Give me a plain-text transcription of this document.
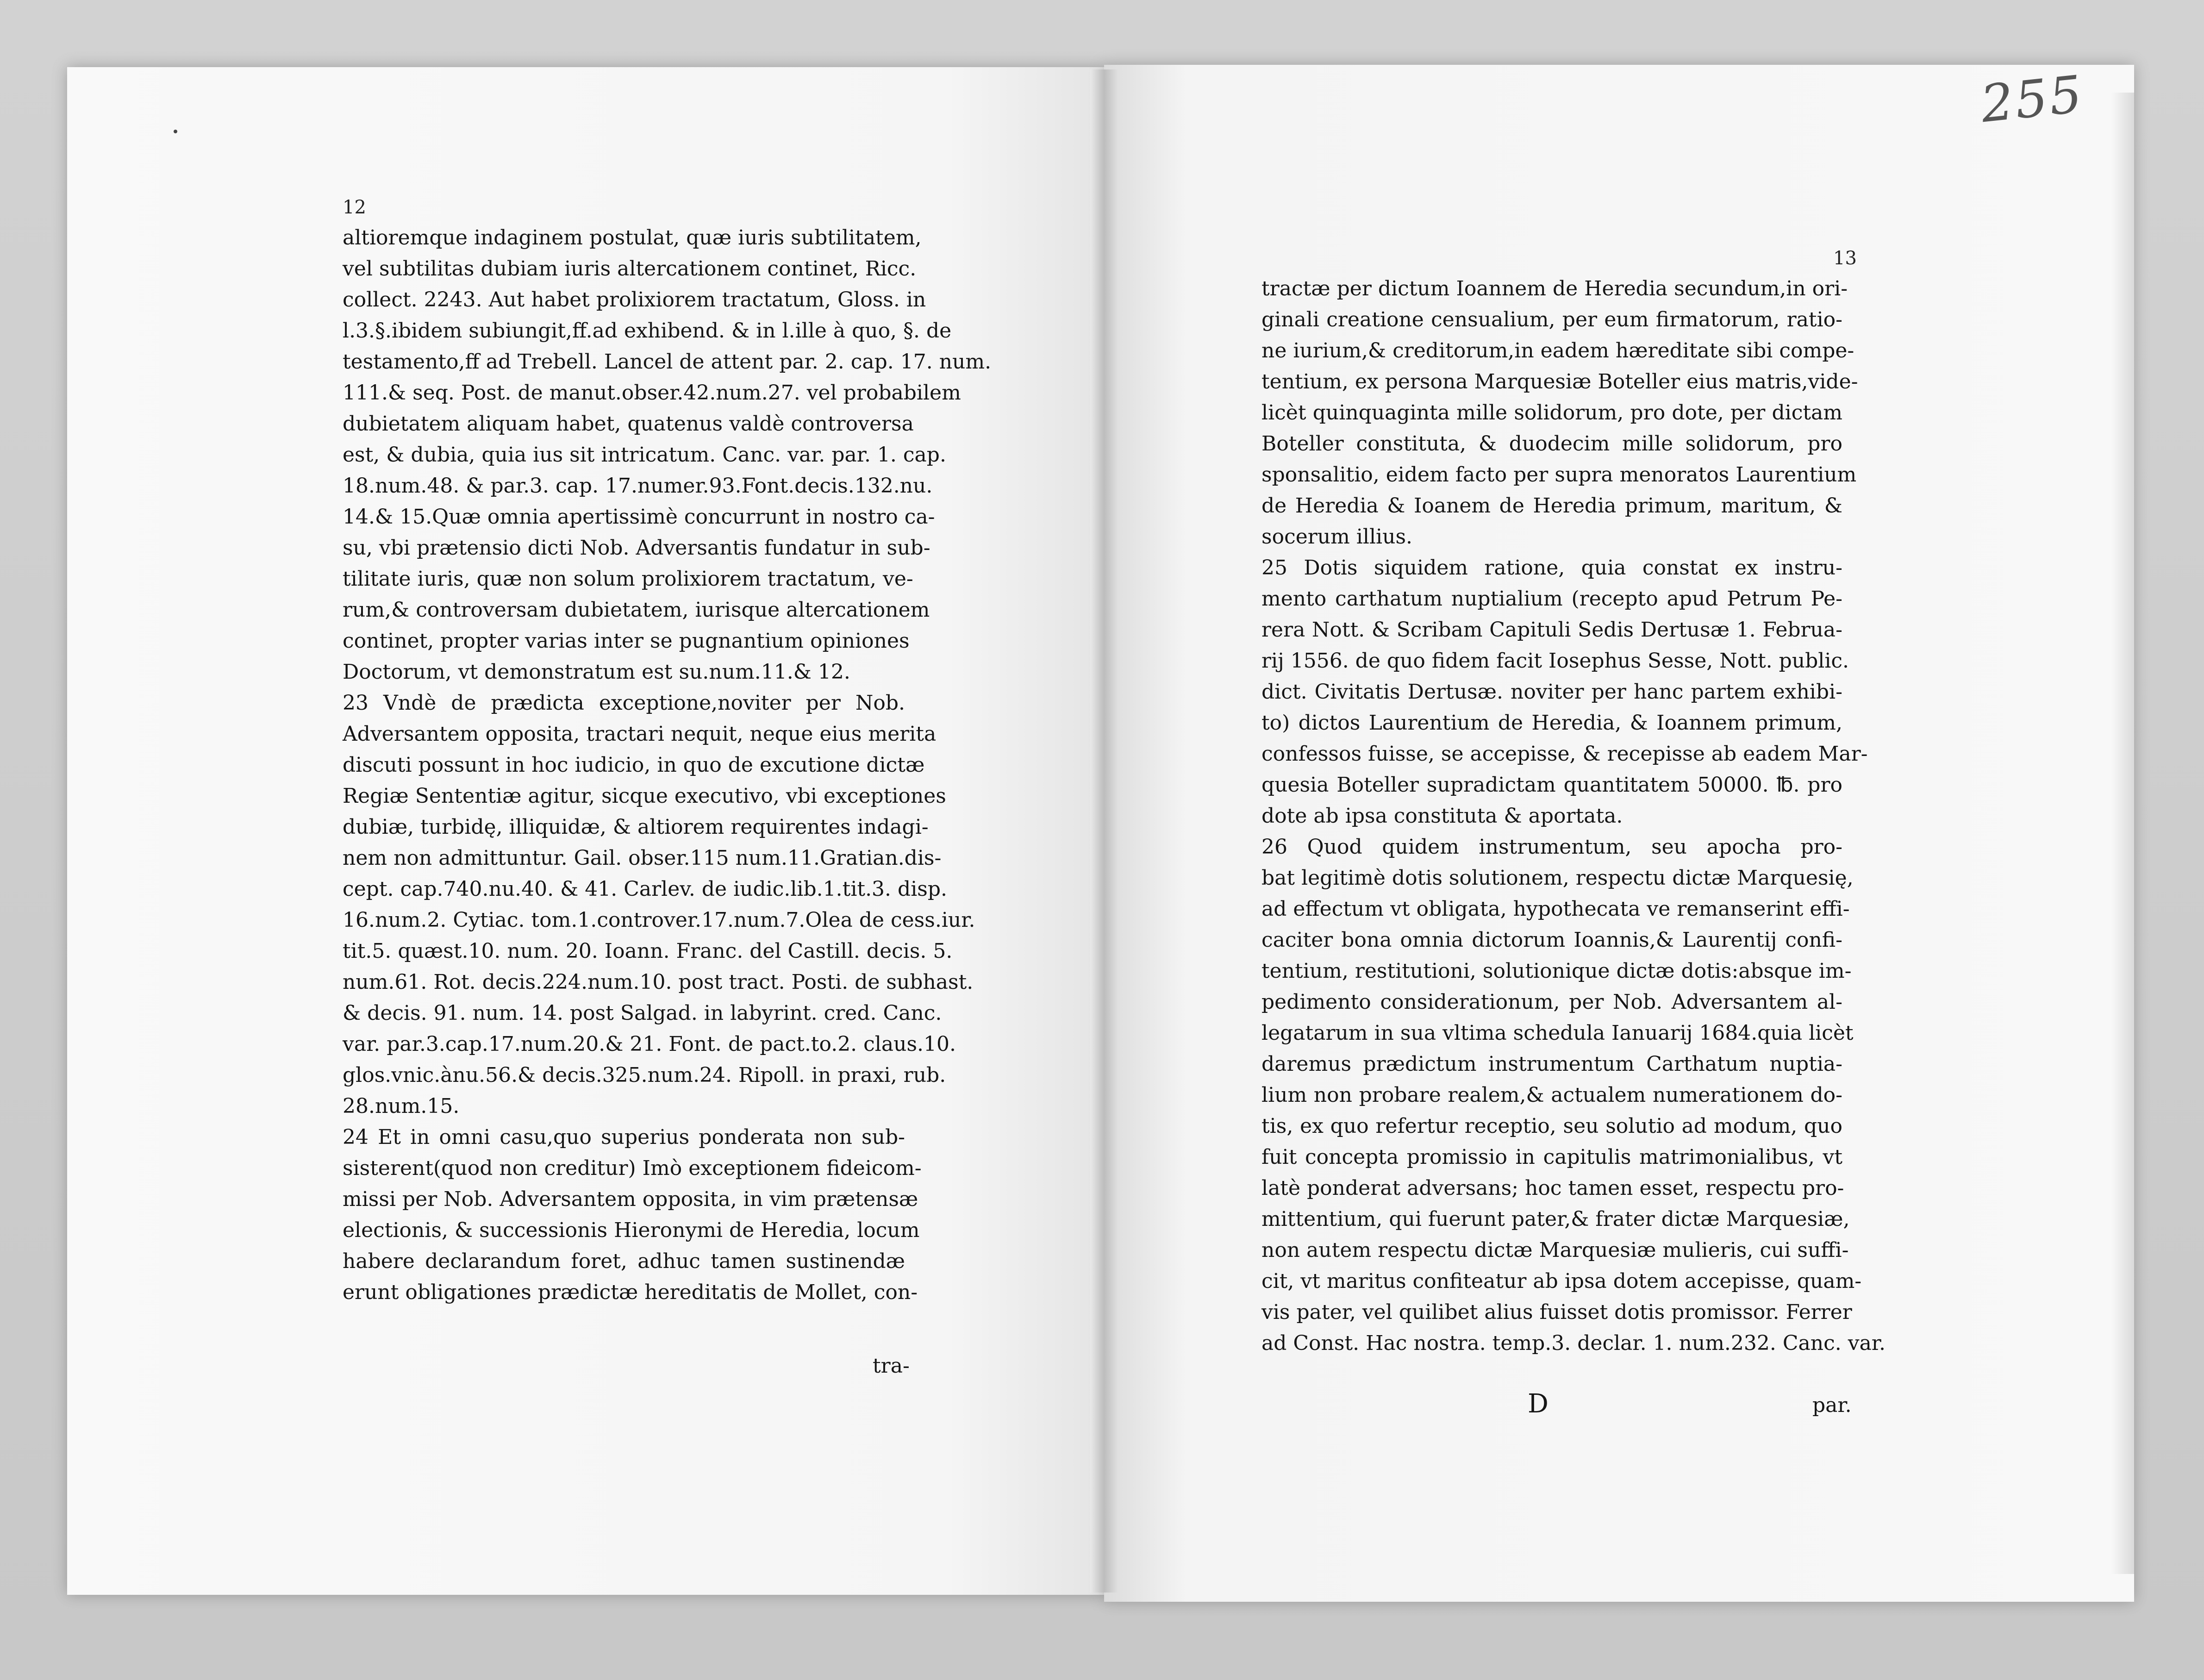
12
13
255
altioremque indaginem postulat, quæ iuris subtilitatem,
vel subtilitas dubiam iuris altercationem continet, Ricc.
collect. 2243. Aut habet prolixiorem tractatum, Gloss. in
l.3.§.ibidem subiungit,ff.ad exhibend. & in l.ille à quo, §. de
testamento,ff ad Trebell. Lancel de attent par. 2. cap. 17. num.
111.& seq. Post. de manut.obser.42.num.27. vel probabilem
dubietatem aliquam habet, quatenus valdè controversa
est, & dubia, quia ius sit intricatum. Canc. var. par. 1. cap.
18.num.48. & par.3. cap. 17.numer.93.Font.decis.132.nu.
14.& 15.Quæ omnia apertissimè concurrunt in nostro ca-
su, vbi prætensio dicti Nob. Adversantis fundatur in sub-
tilitate iuris, quæ non solum prolixiorem tractatum, ve-
rum,& controversam dubietatem, iurisque altercationem
continet, propter varias inter se pugnantium opiniones
Doctorum, vt demonstratum est su.num.11.& 12.
23 Vndè de prædicta exceptione,noviter per Nob.
Adversantem opposita, tractari nequit, neque eius merita
discuti possunt in hoc iudicio, in quo de excutione dictæ
Regiæ Sententiæ agitur, sicque executivo, vbi exceptiones
dubiæ, turbidę, illiquidæ, & altiorem requirentes indagi-
nem non admittuntur. Gail. obser.115 num.11.Gratian.dis-
cept. cap.740.nu.40. & 41. Carlev. de iudic.lib.1.tit.3. disp.
16.num.2. Cytiac. tom.1.controver.17.num.7.Olea de cess.iur.
tit.5. quæst.10. num. 20. Ioann. Franc. del Castill. decis. 5.
num.61. Rot. decis.224.num.10. post tract. Posti. de subhast.
& decis. 91. num. 14. post Salgad. in labyrint. cred. Canc.
var. par.3.cap.17.num.20.& 21. Font. de pact.to.2. claus.10.
glos.vnic.ànu.56.& decis.325.num.24. Ripoll. in praxi, rub.
28.num.15.
24 Et in omni casu,quo superius ponderata non sub-
sisterent(quod non creditur) Imò exceptionem fideicom-
missi per Nob. Adversantem opposita, in vim prætensæ
electionis, & successionis Hieronymi de Heredia, locum
habere declarandum foret, adhuc tamen sustinendæ
erunt obligationes prædictæ hereditatis de Mollet, con-
tra-
tractæ per dictum Ioannem de Heredia secundum,in ori-
ginali creatione censualium, per eum firmatorum, ratio-
ne iurium,& creditorum,in eadem hæreditate sibi compe-
tentium, ex persona Marquesiæ Boteller eius matris,vide-
licèt quinquaginta mille solidorum, pro dote, per dictam
Boteller constituta, & duodecim mille solidorum, pro
sponsalitio, eidem facto per supra menoratos Laurentium
de Heredia & Ioanem de Heredia primum, maritum, &
socerum illius.
25 Dotis siquidem ratione, quia constat ex instru-
mento carthatum nuptialium (recepto apud Petrum Pe-
rera Nott. & Scribam Capituli Sedis Dertusæ 1. Februa-
rij 1556. de quo fidem facit Iosephus Sesse, Nott. public.
dict. Civitatis Dertusæ. noviter per hanc partem exhibi-
to) dictos Laurentium de Heredia, & Ioannem primum,
confessos fuisse, se accepisse, & recepisse ab eadem Mar-
quesia Boteller supradictam quantitatem 50000. ℔. pro
dote ab ipsa constituta & aportata.
26 Quod quidem instrumentum, seu apocha pro-
bat legitimè dotis solutionem, respectu dictæ Marquesię,
ad effectum vt obligata, hypothecata ve remanserint effi-
caciter bona omnia dictorum Ioannis,& Laurentij confi-
tentium, restitutioni, solutionique dictæ dotis:absque im-
pedimento considerationum, per Nob. Adversantem al-
legatarum in sua vltima schedula Ianuarij 1684.quia licèt
daremus prædictum instrumentum Carthatum nuptia-
lium non probare realem,& actualem numerationem do-
tis, ex quo refertur receptio, seu solutio ad modum, quo
fuit concepta promissio in capitulis matrimonialibus, vt
latè ponderat adversans; hoc tamen esset, respectu pro-
mittentium, qui fuerunt pater,& frater dictæ Marquesiæ,
non autem respectu dictæ Marquesiæ mulieris, cui suffi-
cit, vt maritus confiteatur ab ipsa dotem accepisse, quam-
vis pater, vel quilibet alius fuisset dotis promissor. Ferrer
ad Const. Hac nostra. temp.3. declar. 1. num.232. Canc. var.
D	par.
